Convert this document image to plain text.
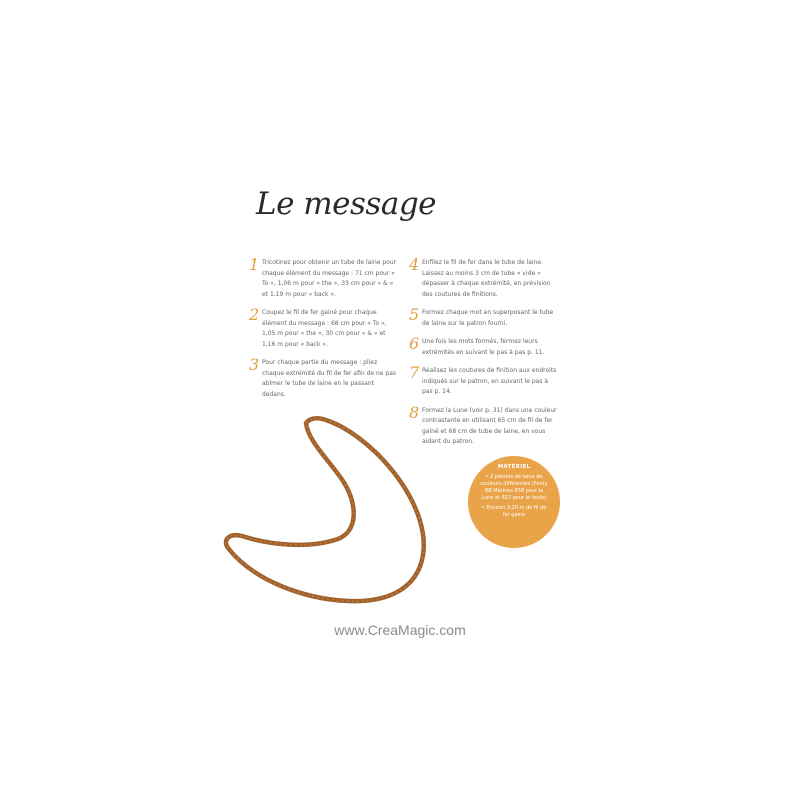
Le message
1 Tricotinez pour obtenir un tube de laine pour chaque élément du message : 71 cm pour « To », 1,06 m pour « the », 33 cm pour « & » et 1,19 m pour « back ».
2 Coupez le fil de fer gainé pour chaque élément du message : 68 cm pour « To », 1,05 m pour « the », 30 cm pour « & » et 1,16 m pour « back ».
3 Pour chaque partie du message : pliez chaque extrémité du fil de fer afin de ne pas abîmer le tube de laine en le passant dedans.
4 Enfilez le fil de fer dans le tube de laine. Laissez au moins 3 cm de tube « vide » dépasser à chaque extrémité, en prévision des coutures de finitions.
5 Formez chaque mot en superposant le tube de laine sur le patron fourni.
6 Une fois les mots formés, fermez leurs extrémités en suivant le pas à pas p. 11.
7 Réalisez les coutures de finition aux endroits indiqués sur le patron, en suivant le pas à pas p. 14.
8 Formez la Lune (voir p. 31) dans une couleur contrastante en utilisant 65 cm de fil de fer gainé et 68 cm de tube de laine, en vous aidant du patron.
MATÉRIEL
• 2 pelotes de laine de couleurs différentes (Fonty BB Mérinos 858 pour la Lune et 822 pour le texte)
• Environ 3,20 m de fil de fer gainé
www.CreaMagic.com
